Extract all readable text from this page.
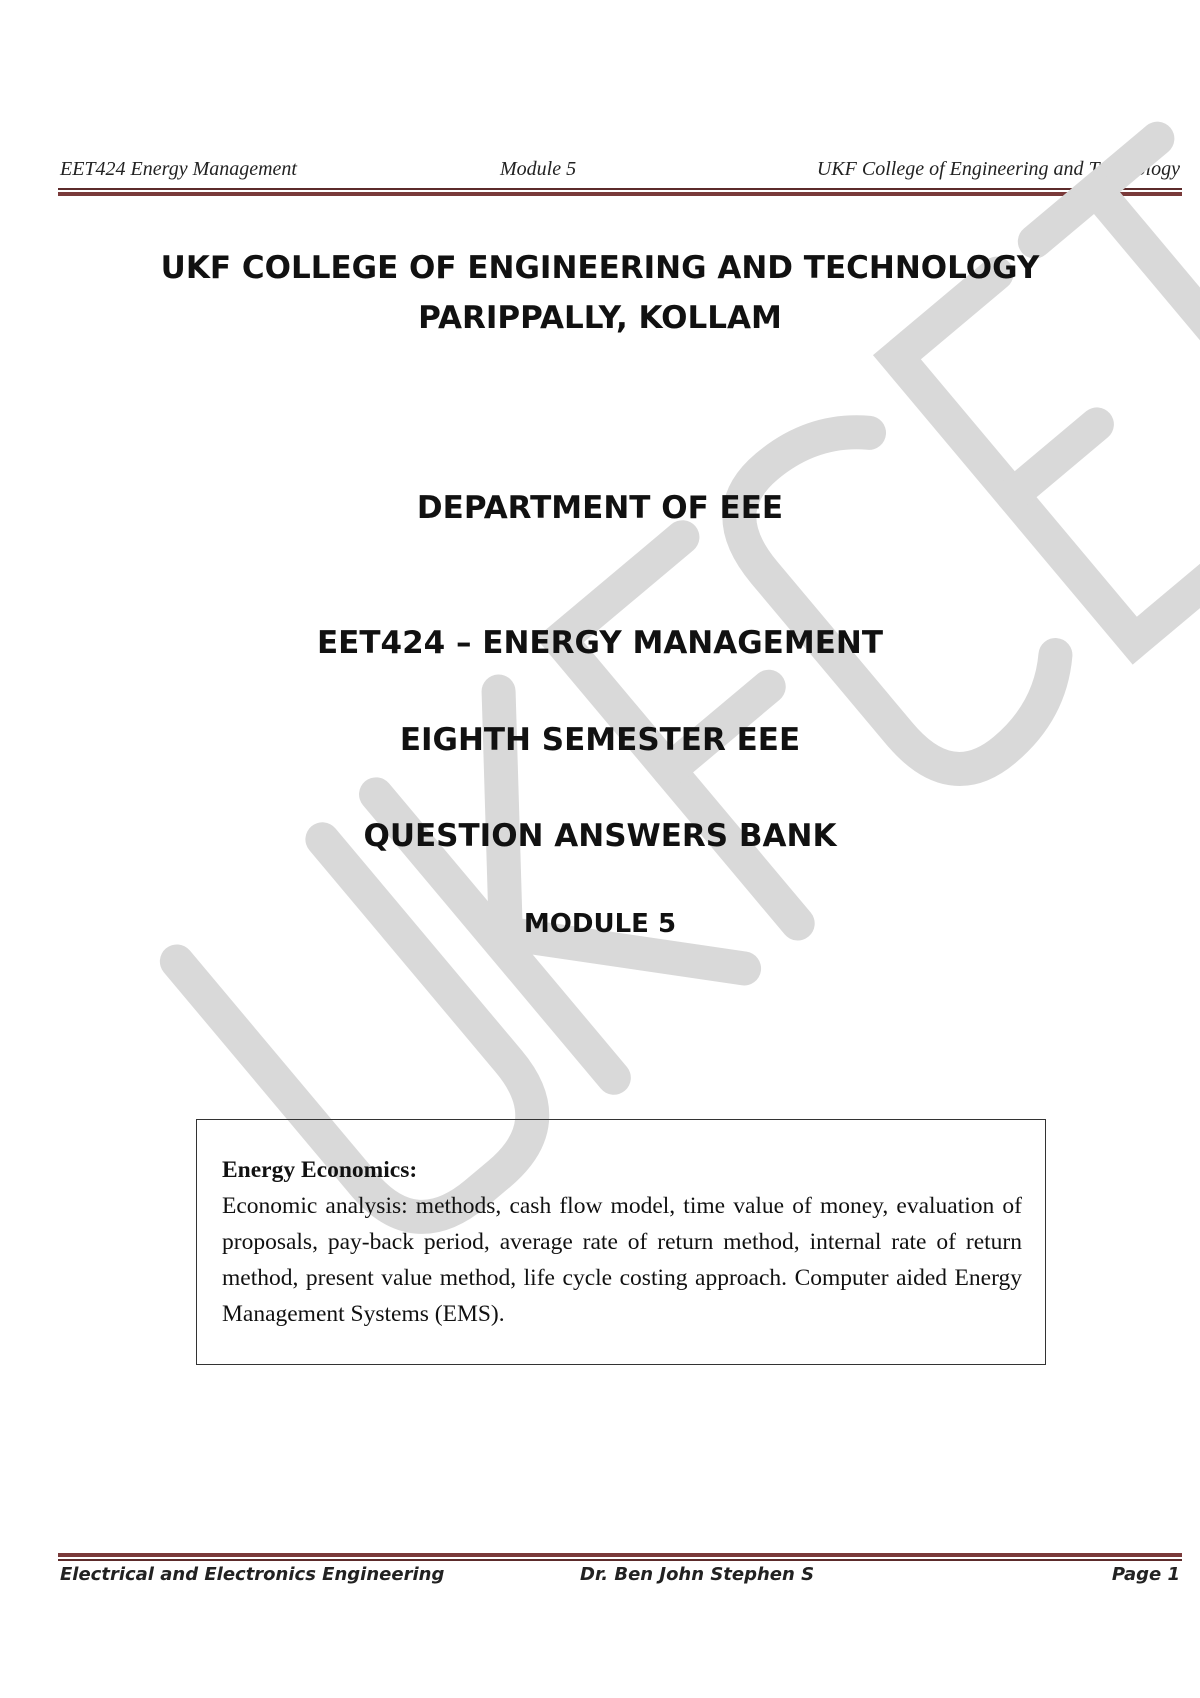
EET424 Energy Management	Module 5	UKF College of Engineering and Technology
UKF COLLEGE OF ENGINEERING AND TECHNOLOGY
PARIPPALLY, KOLLAM
DEPARTMENT OF EEE
EET424 – ENERGY MANAGEMENT
EIGHTH SEMESTER EEE
QUESTION ANSWERS BANK
MODULE 5
Energy Economics:
Economic analysis: methods, cash flow model, time value of money, evaluation of proposals, pay-back period, average rate of return method, internal rate of return method, present value method, life cycle costing approach. Computer aided Energy Management Systems (EMS).
Electrical and Electronics Engineering	Dr. Ben John Stephen S	Page 1
